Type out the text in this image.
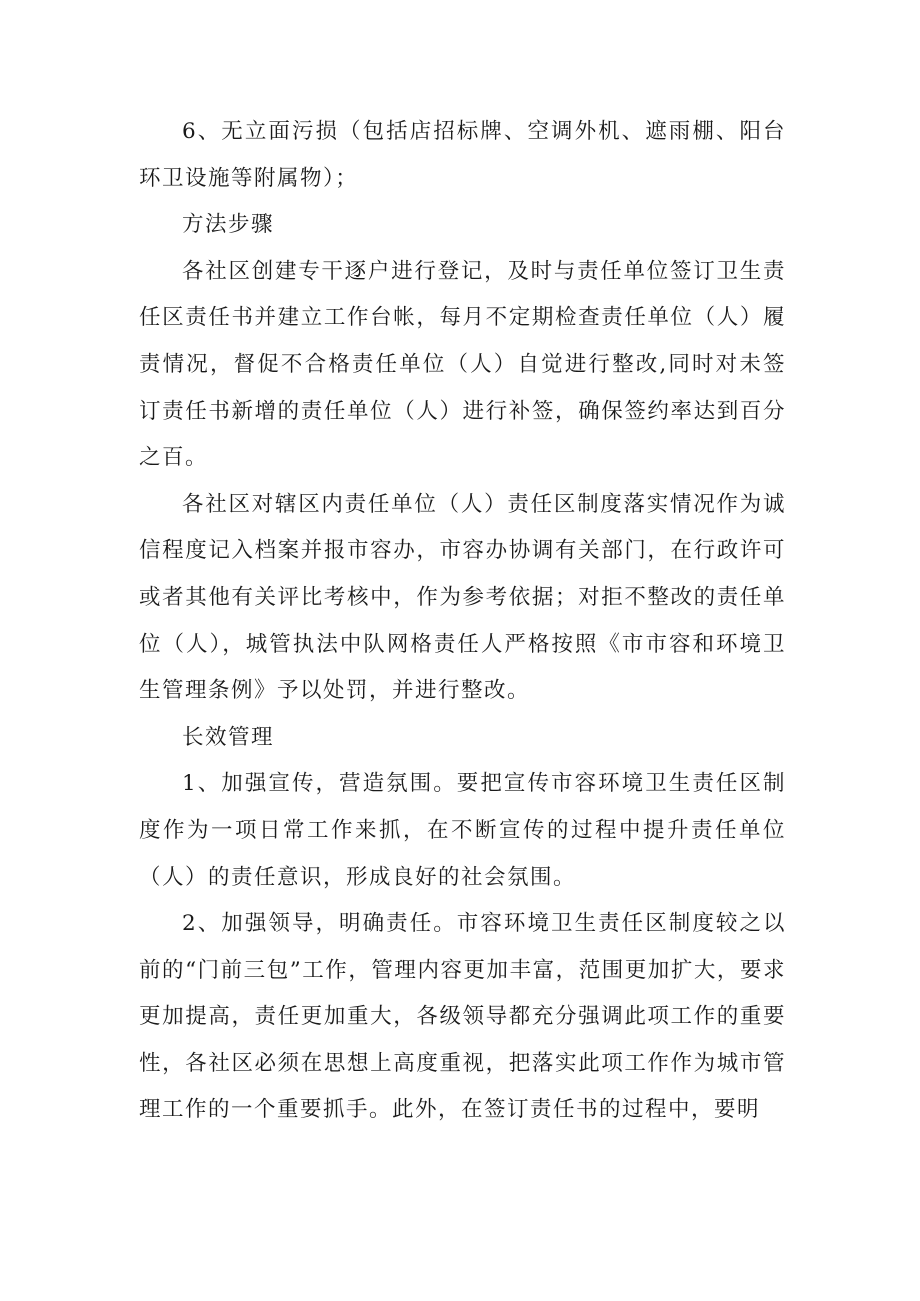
6、无立面污损（包括店招标牌、空调外机、遮雨棚、阳台环卫设施等附属物）；

方法步骤

各社区创建专干逐户进行登记，及时与责任单位签订卫生责任区责任书并建立工作台帐，每月不定期检查责任单位（人）履责情况，督促不合格责任单位（人）自觉进行整改,同时对未签订责任书新增的责任单位（人）进行补签，确保签约率达到百分之百。

各社区对辖区内责任单位（人）责任区制度落实情况作为诚信程度记入档案并报市容办，市容办协调有关部门，在行政许可或者其他有关评比考核中，作为参考依据；对拒不整改的责任单位（人），城管执法中队网格责任人严格按照《市市容和环境卫生管理条例》予以处罚，并进行整改。

长效管理

1、加强宣传，营造氛围。要把宣传市容环境卫生责任区制度作为一项日常工作来抓，在不断宣传的过程中提升责任单位（人）的责任意识，形成良好的社会氛围。

2、加强领导，明确责任。市容环境卫生责任区制度较之以前的“门前三包”工作，管理内容更加丰富，范围更加扩大，要求更加提高，责任更加重大，各级领导都充分强调此项工作的重要性，各社区必须在思想上高度重视，把落实此项工作作为城市管理工作的一个重要抓手。此外，在签订责任书的过程中，要明
